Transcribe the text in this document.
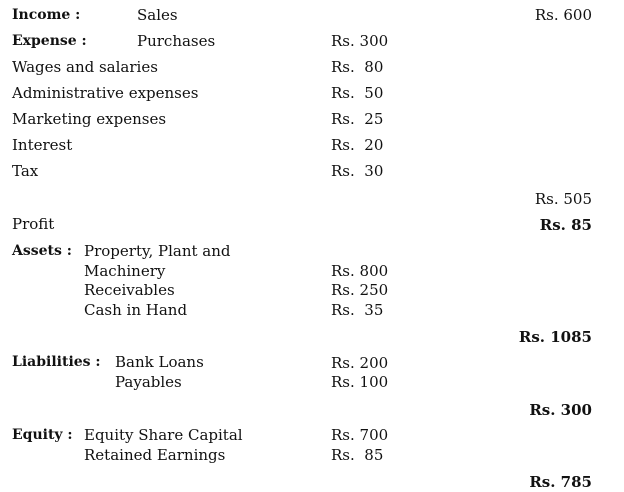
Income :	Sales	Rs. 600
Expense :	Purchases	Rs. 300
Wages and salaries	Rs.  80
Administrative expenses	Rs.  50
Marketing expenses	Rs.  25
Interest	Rs.  20
Tax	Rs.  30
Rs. 505
Profit	Rs. 85
Assets : Property, Plant and
Machinery	Rs. 800
Receivables	Rs. 250
Cash in Hand	Rs.  35
Rs. 1085
Liabilities : Bank Loans	Rs. 200
Payables	Rs. 100
Rs. 300
Equity : Equity Share Capital	Rs. 700
Retained Earnings	Rs.  85
Rs. 785
